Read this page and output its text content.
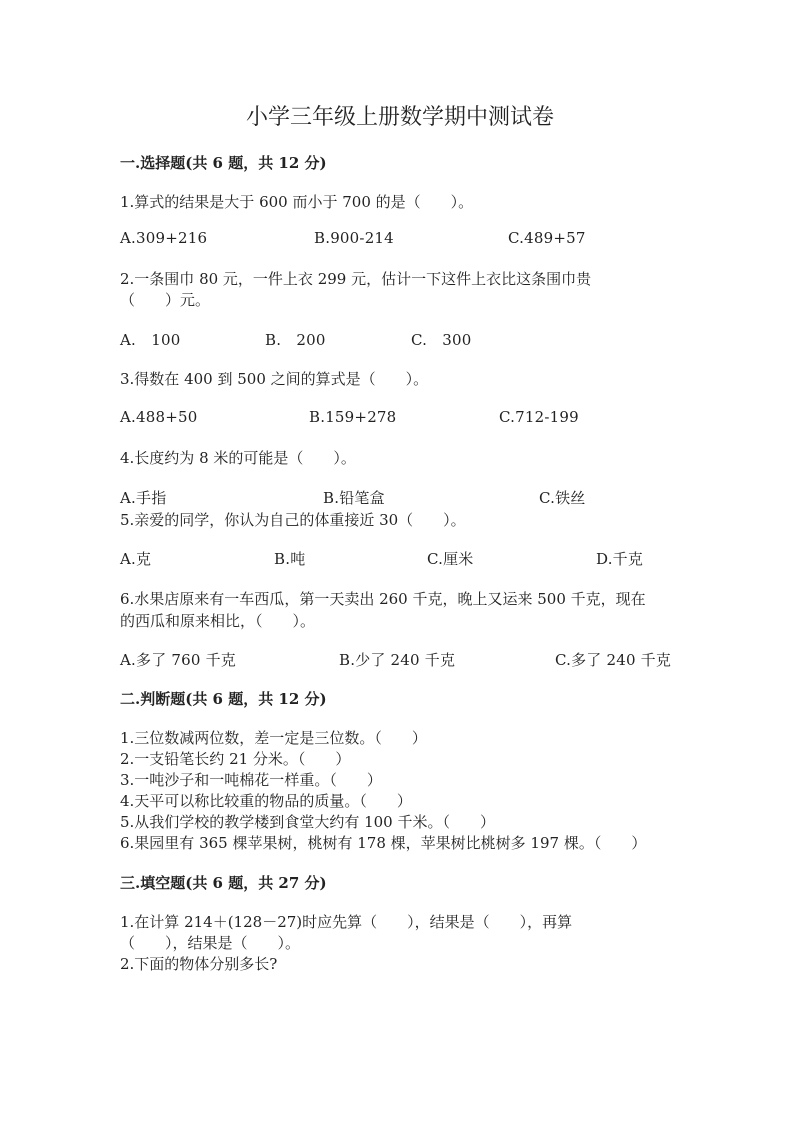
小学三年级上册数学期中测试卷
一.选择题(共 6 题，共 12 分)
1.算式的结果是大于 600 而小于 700 的是（　　）。
A.309+216	B.900-214	C.489+57
2.一条围巾 80 元，一件上衣 299 元，估计一下这件上衣比这条围巾贵
（　　）元。
A.　100	B.　200	C.　300
3.得数在 400 到 500 之间的算式是（　　）。
A.488+50	B.159+278	C.712-199
4.长度约为 8 米的可能是（　　）。
A.手指	B.铅笔盒	C.铁丝
5.亲爱的同学，你认为自己的体重接近 30（　　）。
A.克	B.吨	C.厘米	D.千克
6.水果店原来有一车西瓜，第一天卖出 260 千克，晚上又运来 500 千克，现在
的西瓜和原来相比，（　　）。
A.多了 760 千克	B.少了 240 千克	C.多了 240 千克
二.判断题(共 6 题，共 12 分)
1.三位数减两位数，差一定是三位数。（　　）
2.一支铅笔长约 21 分米。（　　）
3.一吨沙子和一吨棉花一样重。（　　）
4.天平可以称比较重的物品的质量。（　　）
5.从我们学校的教学楼到食堂大约有 100 千米。（　　）
6.果园里有 365 棵苹果树，桃树有 178 棵，苹果树比桃树多 197 棵。（　　）
三.填空题(共 6 题，共 27 分)
1.在计算 214＋(128－27)时应先算（　　），结果是（　　），再算
（　　），结果是（　　）。
2.下面的物体分别多长?
